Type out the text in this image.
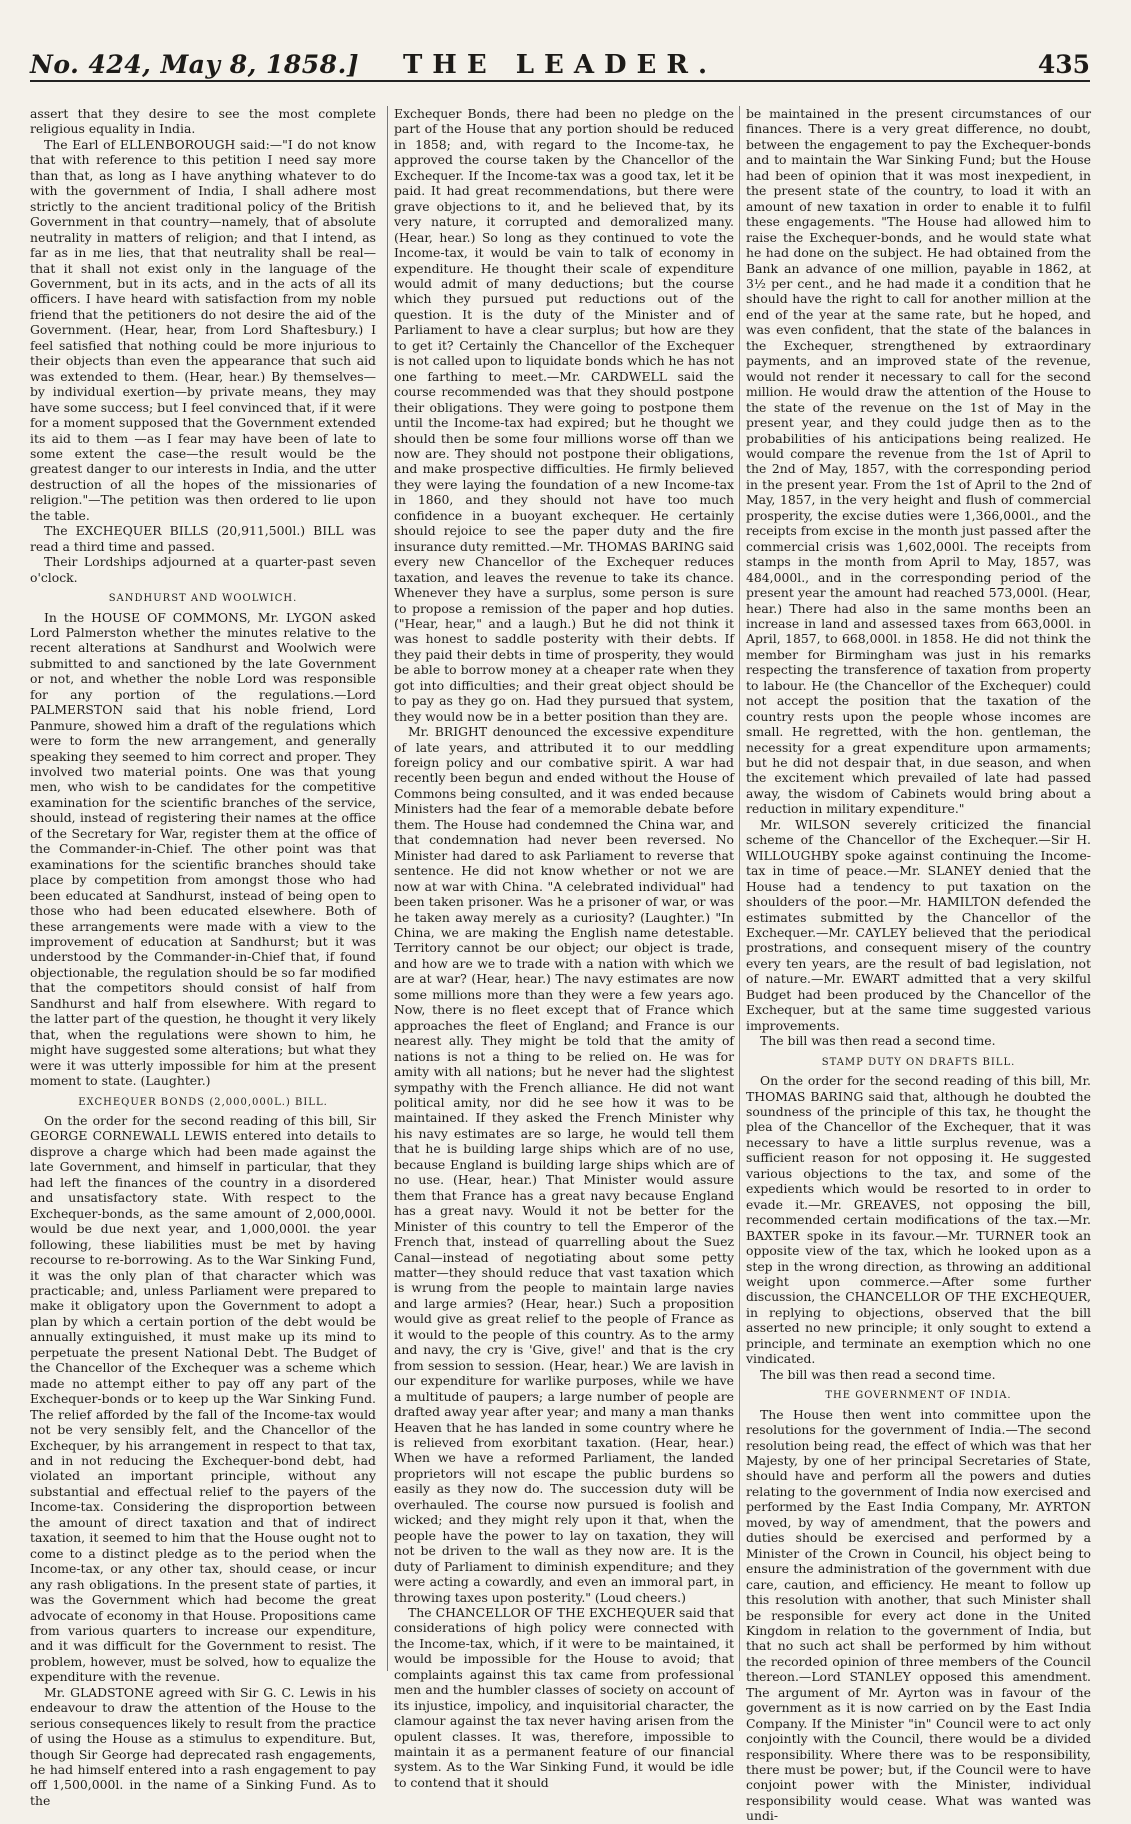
No. 424, May 8, 1858.]	THE LEADER.	435

assert that they desire to see the most complete religious equality in India.

The Earl of ELLENBOROUGH said:—"I do not know that with reference to this petition I need say more than that, as long as I have anything whatever to do with the government of India, I shall adhere most strictly to the ancient traditional policy of the British Government in that country—namely, that of absolute neutrality in matters of religion; and that I intend, as far as in me lies, that that neutrality shall be real—that it shall not exist only in the language of the Government, but in its acts, and in the acts of all its officers. I have heard with satisfaction from my noble friend that the petitioners do not desire the aid of the Government. (Hear, hear, from Lord Shaftesbury.) I feel satisfied that nothing could be more injurious to their objects than even the appearance that such aid was extended to them. (Hear, hear.) By themselves—by individual exertion—by private means, they may have some success; but I feel convinced that, if it were for a moment supposed that the Government extended its aid to them —as I fear may have been of late to some extent the case—the result would be the greatest danger to our interests in India, and the utter destruction of all the hopes of the missionaries of religion."—The petition was then ordered to lie upon the table.

The EXCHEQUER BILLS (20,911,500l.) BILL was read a third time and passed.

Their Lordships adjourned at a quarter-past seven o'clock.

SANDHURST AND WOOLWICH.

In the HOUSE OF COMMONS, Mr. LYGON asked Lord Palmerston whether the minutes relative to the recent alterations at Sandhurst and Woolwich were submitted to and sanctioned by the late Government or not, and whether the noble Lord was responsible for any portion of the regulations.—Lord PALMERSTON said that his noble friend, Lord Panmure, showed him a draft of the regulations which were to form the new arrangement, and generally speaking they seemed to him correct and proper. They involved two material points. One was that young men, who wish to be candidates for the competitive examination for the scientific branches of the service, should, instead of registering their names at the office of the Secretary for War, register them at the office of the Commander-in-Chief. The other point was that examinations for the scientific branches should take place by competition from amongst those who had been educated at Sandhurst, instead of being open to those who had been educated elsewhere. Both of these arrangements were made with a view to the improvement of education at Sandhurst; but it was understood by the Commander-in-Chief that, if found objectionable, the regulation should be so far modified that the competitors should consist of half from Sandhurst and half from elsewhere. With regard to the latter part of the question, he thought it very likely that, when the regulations were shown to him, he might have suggested some alterations; but what they were it was utterly impossible for him at the present moment to state. (Laughter.)

EXCHEQUER BONDS (2,000,000L.) BILL.

On the order for the second reading of this bill, Sir GEORGE CORNEWALL LEWIS entered into details to disprove a charge which had been made against the late Government, and himself in particular, that they had left the finances of the country in a disordered and unsatisfactory state. With respect to the Exchequer-bonds, as the same amount of 2,000,000l. would be due next year, and 1,000,000l. the year following, these liabilities must be met by having recourse to re-borrowing. As to the War Sinking Fund, it was the only plan of that character which was practicable; and, unless Parliament were prepared to make it obligatory upon the Government to adopt a plan by which a certain portion of the debt would be annually extinguished, it must make up its mind to perpetuate the present National Debt. The Budget of the Chancellor of the Exchequer was a scheme which made no attempt either to pay off any part of the Exchequer-bonds or to keep up the War Sinking Fund. The relief afforded by the fall of the Income-tax would not be very sensibly felt, and the Chancellor of the Exchequer, by his arrangement in respect to that tax, and in not reducing the Exchequer-bond debt, had violated an important principle, without any substantial and effectual relief to the payers of the Income-tax. Considering the disproportion between the amount of direct taxation and that of indirect taxation, it seemed to him that the House ought not to come to a distinct pledge as to the period when the Income-tax, or any other tax, should cease, or incur any rash obligations. In the present state of parties, it was the Government which had become the great advocate of economy in that House. Propositions came from various quarters to increase our expenditure, and it was difficult for the Government to resist. The problem, however, must be solved, how to equalize the expenditure with the revenue.

Mr. GLADSTONE agreed with Sir G. C. Lewis in his endeavour to draw the attention of the House to the serious consequences likely to result from the practice of using the House as a stimulus to expenditure. But, though Sir George had deprecated rash engagements, he had himself entered into a rash engagement to pay off 1,500,000l. in the name of a Sinking Fund. As to the

Exchequer Bonds, there had been no pledge on the part of the House that any portion should be reduced in 1858; and, with regard to the Income-tax, he approved the course taken by the Chancellor of the Exchequer. If the Income-tax was a good tax, let it be paid. It had great recommendations, but there were grave objections to it, and he believed that, by its very nature, it corrupted and demoralized many. (Hear, hear.) So long as they continued to vote the Income-tax, it would be vain to talk of economy in expenditure. He thought their scale of expenditure would admit of many deductions; but the course which they pursued put reductions out of the question. It is the duty of the Minister and of Parliament to have a clear surplus; but how are they to get it? Certainly the Chancellor of the Exchequer is not called upon to liquidate bonds which he has not one farthing to meet.—Mr. CARDWELL said the course recommended was that they should postpone their obligations. They were going to postpone them until the Income-tax had expired; but he thought we should then be some four millions worse off than we now are. They should not postpone their obligations, and make prospective difficulties. He firmly believed they were laying the foundation of a new Income-tax in 1860, and they should not have too much confidence in a buoyant exchequer. He certainly should rejoice to see the paper duty and the fire insurance duty remitted.—Mr. THOMAS BARING said every new Chancellor of the Exchequer reduces taxation, and leaves the revenue to take its chance. Whenever they have a surplus, some person is sure to propose a remission of the paper and hop duties. ("Hear, hear," and a laugh.) But he did not think it was honest to saddle posterity with their debts. If they paid their debts in time of prosperity, they would be able to borrow money at a cheaper rate when they got into difficulties; and their great object should be to pay as they go on. Had they pursued that system, they would now be in a better position than they are.

Mr. BRIGHT denounced the excessive expenditure of late years, and attributed it to our meddling foreign policy and our combative spirit. A war had recently been begun and ended without the House of Commons being consulted, and it was ended because Ministers had the fear of a memorable debate before them. The House had condemned the China war, and that condemnation had never been reversed. No Minister had dared to ask Parliament to reverse that sentence. He did not know whether or not we are now at war with China. "A celebrated individual" had been taken prisoner. Was he a prisoner of war, or was he taken away merely as a curiosity? (Laughter.) "In China, we are making the English name detestable. Territory cannot be our object; our object is trade, and how are we to trade with a nation with which we are at war? (Hear, hear.) The navy estimates are now some millions more than they were a few years ago. Now, there is no fleet except that of France which approaches the fleet of England; and France is our nearest ally. They might be told that the amity of nations is not a thing to be relied on. He was for amity with all nations; but he never had the slightest sympathy with the French alliance. He did not want political amity, nor did he see how it was to be maintained. If they asked the French Minister why his navy estimates are so large, he would tell them that he is building large ships which are of no use, because England is building large ships which are of no use. (Hear, hear.) That Minister would assure them that France has a great navy because England has a great navy. Would it not be better for the Minister of this country to tell the Emperor of the French that, instead of quarrelling about the Suez Canal—instead of negotiating about some petty matter—they should reduce that vast taxation which is wrung from the people to maintain large navies and large armies? (Hear, hear.) Such a proposition would give as great relief to the people of France as it would to the people of this country. As to the army and navy, the cry is 'Give, give!' and that is the cry from session to session. (Hear, hear.) We are lavish in our expenditure for warlike purposes, while we have a multitude of paupers; a large number of people are drafted away year after year; and many a man thanks Heaven that he has landed in some country where he is relieved from exorbitant taxation. (Hear, hear.) When we have a reformed Parliament, the landed proprietors will not escape the public burdens so easily as they now do. The succession duty will be overhauled. The course now pursued is foolish and wicked; and they might rely upon it that, when the people have the power to lay on taxation, they will not be driven to the wall as they now are. It is the duty of Parliament to diminish expenditure; and they were acting a cowardly, and even an immoral part, in throwing taxes upon posterity." (Loud cheers.)

The CHANCELLOR OF THE EXCHEQUER said that considerations of high policy were connected with the Income-tax, which, if it were to be maintained, it would be impossible for the House to avoid; that complaints against this tax came from professional men and the humbler classes of society on account of its injustice, impolicy, and inquisitorial character, the clamour against the tax never having arisen from the opulent classes. It was, therefore, impossible to maintain it as a permanent feature of our financial system. As to the War Sinking Fund, it would be idle to contend that it should

be maintained in the present circumstances of our finances. There is a very great difference, no doubt, between the engagement to pay the Exchequer-bonds and to maintain the War Sinking Fund; but the House had been of opinion that it was most inexpedient, in the present state of the country, to load it with an amount of new taxation in order to enable it to fulfil these engagements. "The House had allowed him to raise the Exchequer-bonds, and he would state what he had done on the subject. He had obtained from the Bank an advance of one million, payable in 1862, at 3½ per cent., and he had made it a condition that he should have the right to call for another million at the end of the year at the same rate, but he hoped, and was even confident, that the state of the balances in the Exchequer, strengthened by extraordinary payments, and an improved state of the revenue, would not render it necessary to call for the second million. He would draw the attention of the House to the state of the revenue on the 1st of May in the present year, and they could judge then as to the probabilities of his anticipations being realized. He would compare the revenue from the 1st of April to the 2nd of May, 1857, with the corresponding period in the present year. From the 1st of April to the 2nd of May, 1857, in the very height and flush of commercial prosperity, the excise duties were 1,366,000l., and the receipts from excise in the month just passed after the commercial crisis was 1,602,000l. The receipts from stamps in the month from April to May, 1857, was 484,000l., and in the corresponding period of the present year the amount had reached 573,000l. (Hear, hear.) There had also in the same months been an increase in land and assessed taxes from 663,000l. in April, 1857, to 668,000l. in 1858. He did not think the member for Birmingham was just in his remarks respecting the transference of taxation from property to labour. He (the Chancellor of the Exchequer) could not accept the position that the taxation of the country rests upon the people whose incomes are small. He regretted, with the hon. gentleman, the necessity for a great expenditure upon armaments; but he did not despair that, in due season, and when the excitement which prevailed of late had passed away, the wisdom of Cabinets would bring about a reduction in military expenditure."

Mr. WILSON severely criticized the financial scheme of the Chancellor of the Exchequer.—Sir H. WILLOUGHBY spoke against continuing the Income-tax in time of peace.—Mr. SLANEY denied that the House had a tendency to put taxation on the shoulders of the poor.—Mr. HAMILTON defended the estimates submitted by the Chancellor of the Exchequer.—Mr. CAYLEY believed that the periodical prostrations, and consequent misery of the country every ten years, are the result of bad legislation, not of nature.—Mr. EWART admitted that a very skilful Budget had been produced by the Chancellor of the Exchequer, but at the same time suggested various improvements.

The bill was then read a second time.

STAMP DUTY ON DRAFTS BILL.

On the order for the second reading of this bill, Mr. THOMAS BARING said that, although he doubted the soundness of the principle of this tax, he thought the plea of the Chancellor of the Exchequer, that it was necessary to have a little surplus revenue, was a sufficient reason for not opposing it. He suggested various objections to the tax, and some of the expedients which would be resorted to in order to evade it.—Mr. GREAVES, not opposing the bill, recommended certain modifications of the tax.—Mr. BAXTER spoke in its favour.—Mr. TURNER took an opposite view of the tax, which he looked upon as a step in the wrong direction, as throwing an additional weight upon commerce.—After some further discussion, the CHANCELLOR OF THE EXCHEQUER, in replying to objections, observed that the bill asserted no new principle; it only sought to extend a principle, and terminate an exemption which no one vindicated.

The bill was then read a second time.

THE GOVERNMENT OF INDIA.

The House then went into committee upon the resolutions for the government of India.—The second resolution being read, the effect of which was that her Majesty, by one of her principal Secretaries of State, should have and perform all the powers and duties relating to the government of India now exercised and performed by the East India Company, Mr. AYRTON moved, by way of amendment, that the powers and duties should be exercised and performed by a Minister of the Crown in Council, his object being to ensure the administration of the government with due care, caution, and efficiency. He meant to follow up this resolution with another, that such Minister shall be responsible for every act done in the United Kingdom in relation to the government of India, but that no such act shall be performed by him without the recorded opinion of three members of the Council thereon.—Lord STANLEY opposed this amendment. The argument of Mr. Ayrton was in favour of the government as it is now carried on by the East India Company. If the Minister "in" Council were to act only conjointly with the Council, there would be a divided responsibility. Where there was to be responsibility, there must be power; but, if the Council were to have conjoint power with the Minister, individual responsibility would cease. What was wanted was undi-
